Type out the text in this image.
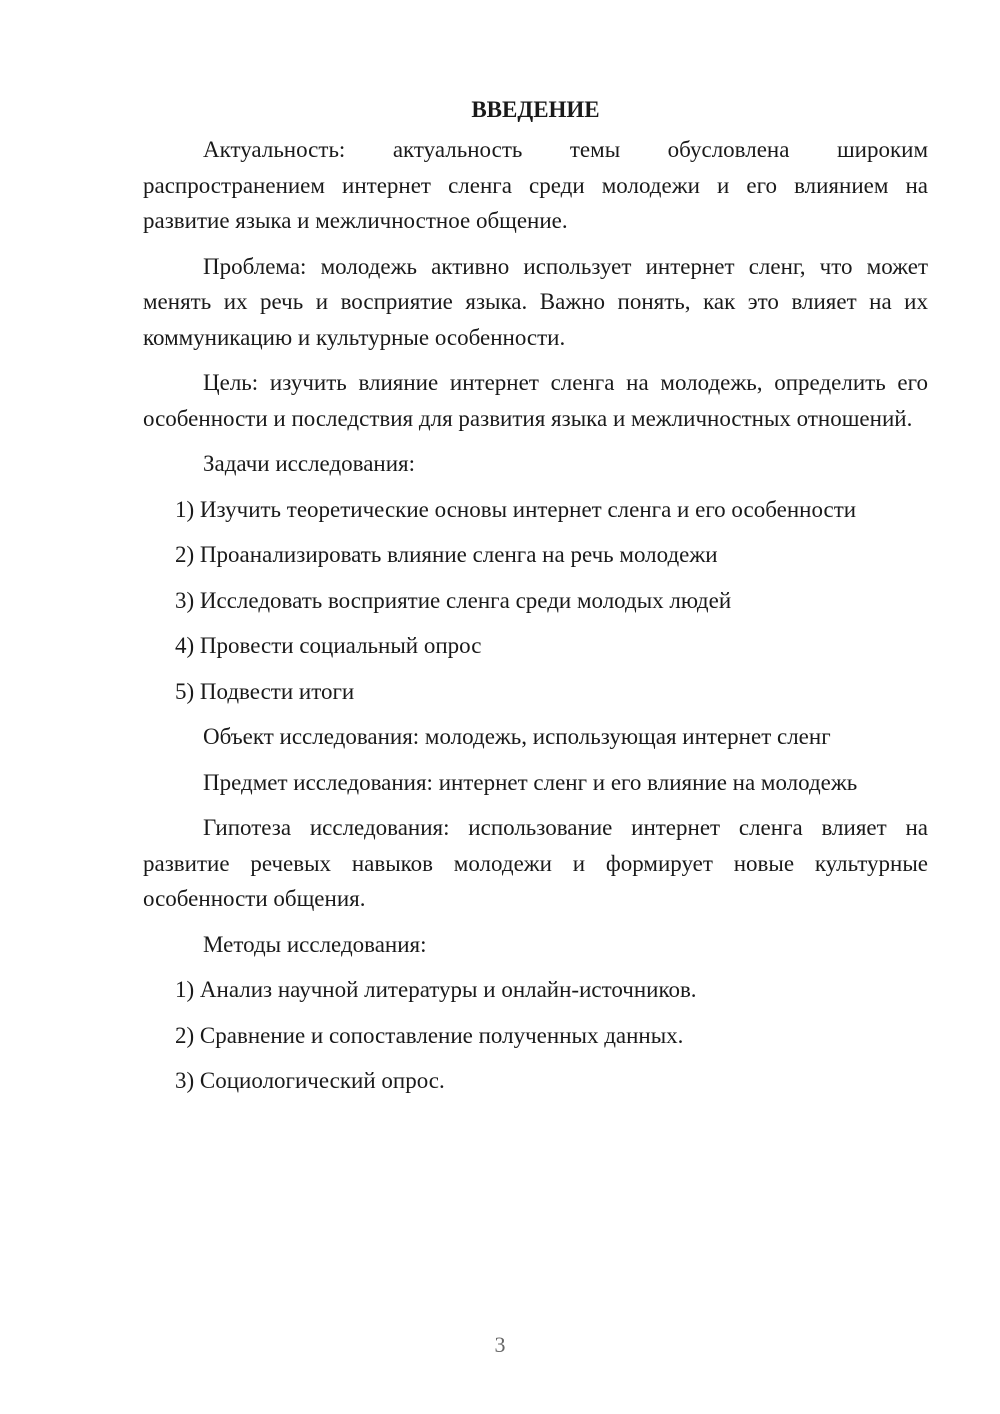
ВВЕДЕНИЕ

Актуальность: актуальность темы обусловлена широким распространением интернет сленга среди молодежи и его влиянием на развитие языка и межличностное общение.

Проблема: молодежь активно использует интернет сленг, что может менять их речь и восприятие языка. Важно понять, как это влияет на их коммуникацию и культурные особенности.

Цель: изучить влияние интернет сленга на молодежь, определить его особенности и последствия для развития языка и межличностных отношений.

Задачи исследования:
1) Изучить теоретические основы интернет сленга и его особенности
2) Проанализировать влияние сленга на речь молодежи
3) Исследовать восприятие сленга среди молодых людей
4) Провести социальный опрос
5) Подвести итоги
Объект исследования: молодежь, использующая интернет сленг
Предмет исследования: интернет сленг и его влияние на молодежь

Гипотеза исследования: использование интернет сленга влияет на развитие речевых навыков молодежи и формирует новые культурные особенности общения.

Методы исследования:
1) Анализ научной литературы и онлайн-источников.
2) Сравнение и сопоставление полученных данных.
3) Социологический опрос.
3
